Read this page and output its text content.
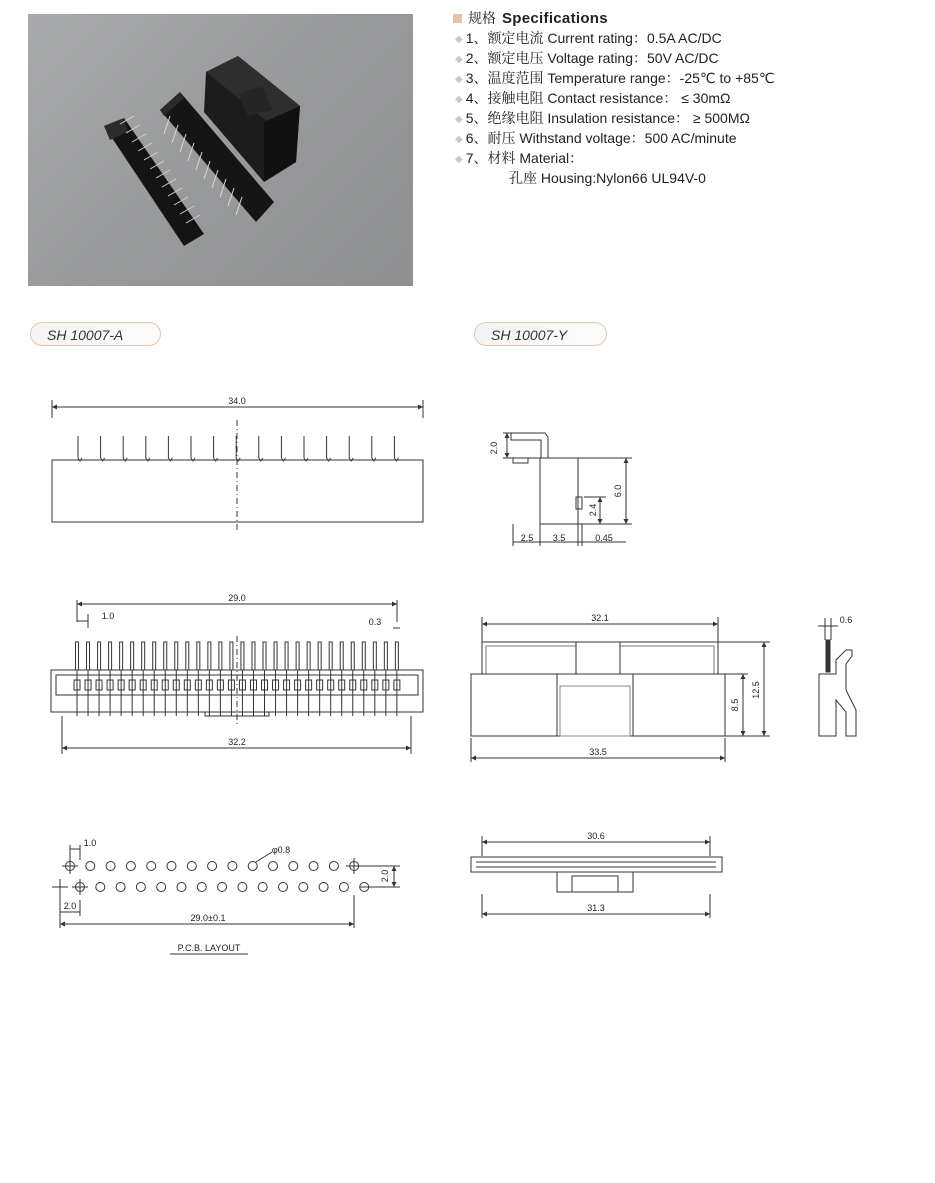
规格 Specifications
◆ 1、额定电流 Current rating：0.5A AC/DC
◆ 2、额定电压 Voltage rating：50V AC/DC
◆ 3、温度范围 Temperature range：-25℃ to +85℃
◆ 4、接触电阻 Contact resistance： ≤ 30mΩ
◆ 5、绝缘电阻 Insulation resistance： ≥ 500MΩ
◆ 6、耐压 Withstand voltage：500 AC/minute
◆ 7、材料 Material：
孔座 Housing:Nylon66 UL94V-0
SH 10007-A	SH 10007-Y
34.0
29.0
1.0
0.3
32.2
1.0
φ0.8
2.0
2.0
29.0±0.1
P.C.B. LAYOUT
2.0
6.0
2.4
2.5 3.5	0.45
32.1
8.5
12.5
33.5
0.6
30.6
31.3
